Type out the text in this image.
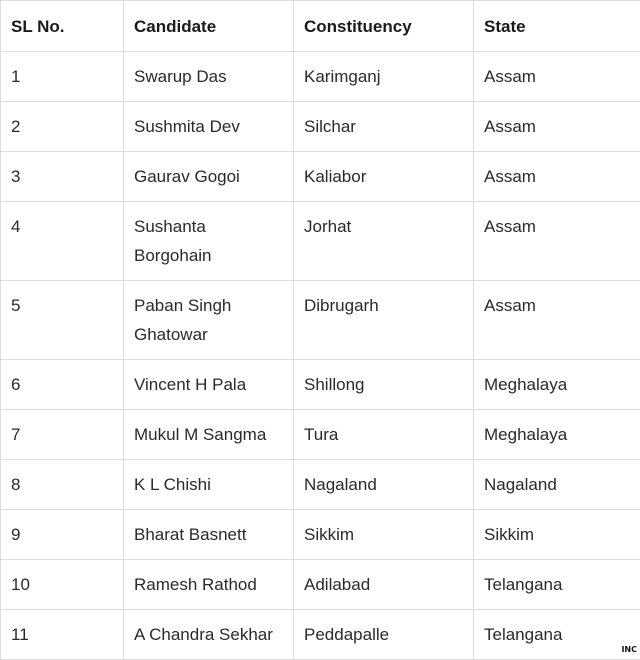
SL No.	Candidate	Constituency	State
1	Swarup Das	Karimganj	Assam
2	Sushmita Dev	Silchar	Assam
3	Gaurav Gogoi	Kaliabor	Assam
4	Sushanta Borgohain	Jorhat	Assam
5	Paban Singh Ghatowar	Dibrugarh	Assam
6	Vincent H Pala	Shillong	Meghalaya
7	Mukul M Sangma	Tura	Meghalaya
8	K L Chishi	Nagaland	Nagaland
9	Bharat Basnett	Sikkim	Sikkim
10	Ramesh Rathod	Adilabad	Telangana
11	A Chandra Sekhar	Peddapalle	Telangana
INC
